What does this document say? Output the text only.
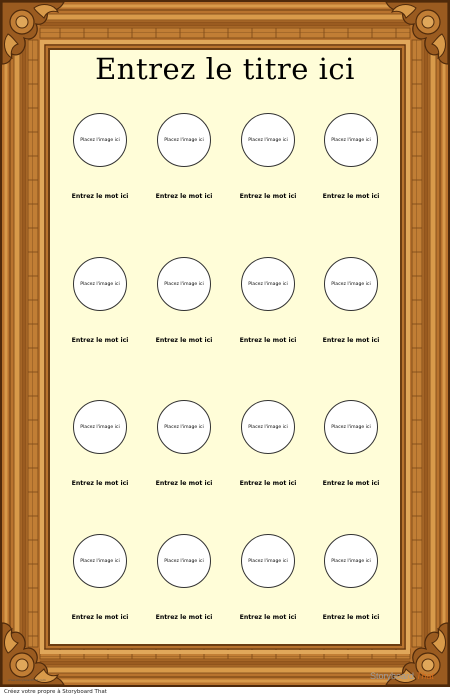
Entrez le titre ici
Placez l'image ici
Entrez le mot ici
Placez l'image ici
Entrez le mot ici
Placez l'image ici
Entrez le mot ici
Placez l'image ici
Entrez le mot ici
Placez l'image ici
Entrez le mot ici
Placez l'image ici
Entrez le mot ici
Placez l'image ici
Entrez le mot ici
Placez l'image ici
Entrez le mot ici
Placez l'image ici
Entrez le mot ici
Placez l'image ici
Entrez le mot ici
Placez l'image ici
Entrez le mot ici
Placez l'image ici
Entrez le mot ici
Placez l'image ici
Entrez le mot ici
Placez l'image ici
Entrez le mot ici
Placez l'image ici
Entrez le mot ici
Placez l'image ici
Entrez le mot ici
www.storyboardthat.com	Storyboard That
Créez votre propre à Storyboard That
